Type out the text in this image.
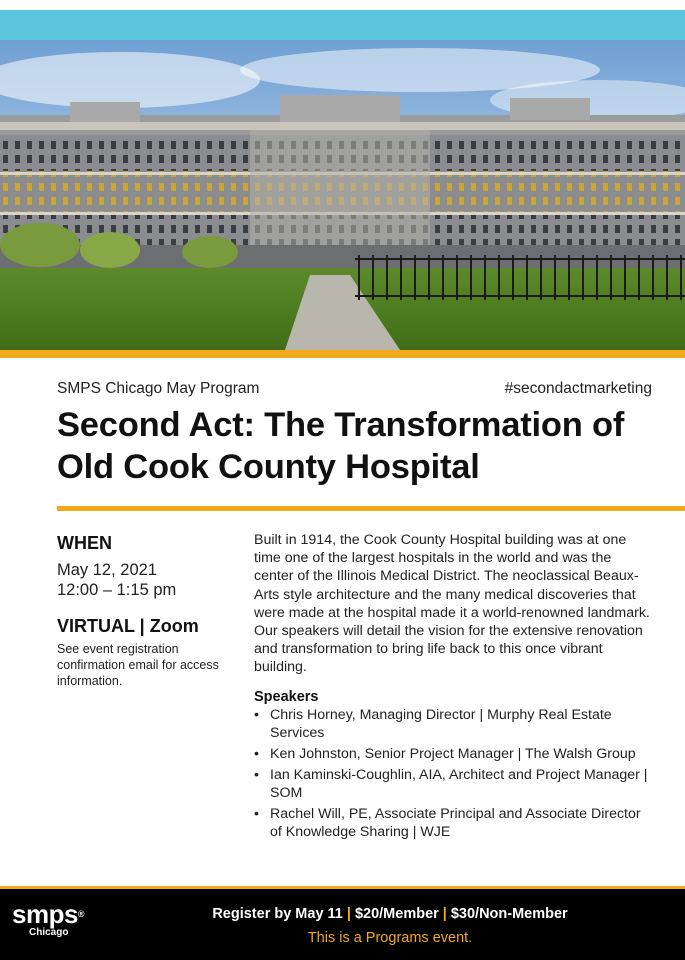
SMPS Chicago May Program	#secondactmarketing
Second Act: The Transformation of Old Cook County Hospital
WHEN
May 12, 2021
12:00 – 1:15 pm
VIRTUAL | Zoom
See event registration confirmation email for access information.

Built in 1914, the Cook County Hospital building was at one time one of the largest hospitals in the world and was the center of the Illinois Medical District. The neoclassical Beaux-Arts style architecture and the many medical discoveries that were made at the hospital made it a world-renowned landmark. Our speakers will detail the vision for the extensive renovation and transformation to bring life back to this once vibrant building.

Speakers
• Chris Horney, Managing Director | Murphy Real Estate Services
• Ken Johnston, Senior Project Manager | The Walsh Group
• Ian Kaminski-Coughlin, AIA, Architect and Project Manager | SOM
• Rachel Will, PE, Associate Principal and Associate Director of Knowledge Sharing | WJE
smps®
Chicago
Register by May 11 | $20/Member | $30/Non-Member
This is a Programs event.
